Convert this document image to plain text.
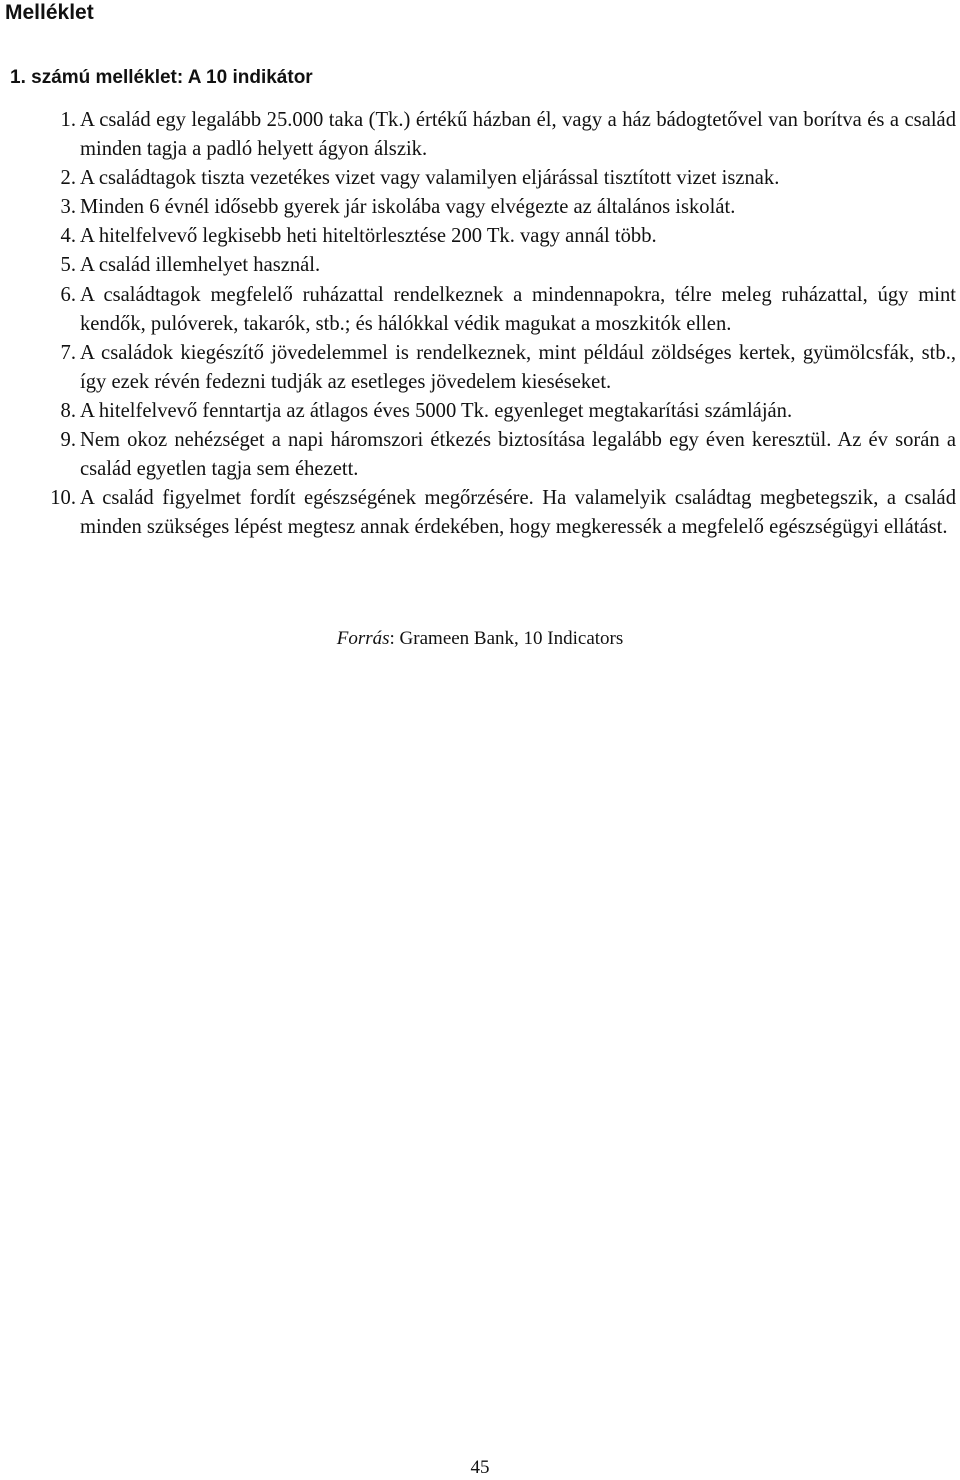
Melléklet
1. számú melléklet: A 10 indikátor
1. A család egy legalább 25.000 taka (Tk.) értékű házban él, vagy a ház bádogtetővel van borítva és a család minden tagja a padló helyett ágyon álszik.
2. A családtagok tiszta vezetékes vizet vagy valamilyen eljárással tisztított vizet isznak.
3. Minden 6 évnél idősebb gyerek jár iskolába vagy elvégezte az általános iskolát.
4. A hitelfelvevő legkisebb heti hiteltörlesztése 200 Tk. vagy annál több.
5. A család illemhelyet használ.
6. A családtagok megfelelő ruházattal rendelkeznek a mindennapokra, télre meleg ruházattal, úgy mint kendők, pulóverek, takarók, stb.; és hálókkal védik magukat a moszkitók ellen.
7. A családok kiegészítő jövedelemmel is rendelkeznek, mint például zöldséges kertek, gyümölcsfák, stb., így ezek révén fedezni tudják az esetleges jövedelem kieséseket.
8. A hitelfelvevő fenntartja az átlagos éves 5000 Tk. egyenleget megtakarítási számláján.
9. Nem okoz nehézséget a napi háromszori étkezés biztosítása legalább egy éven keresztül. Az év során a család egyetlen tagja sem éhezett.
10. A család figyelmet fordít egészségének megőrzésére. Ha valamelyik családtag megbetegszik, a család minden szükséges lépést megtesz annak érdekében, hogy megkeressék a megfelelő egészségügyi ellátást.
Forrás: Grameen Bank, 10 Indicators
45
